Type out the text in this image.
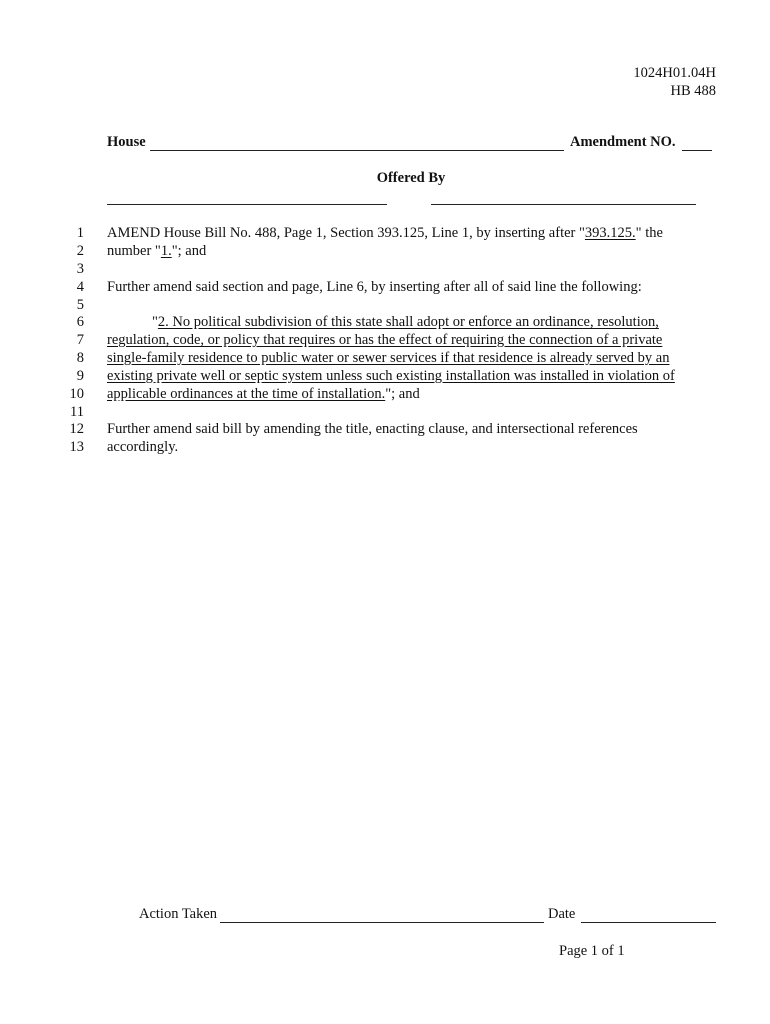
1024H01.04H
HB 488
House	Amendment NO.
Offered By
1 AMEND House Bill No. 488, Page 1, Section 393.125, Line 1, by inserting after "393.125." the
2 number "1."; and
3
4 Further amend said section and page, Line 6, by inserting after all of said line the following:
5
6	"2. No political subdivision of this state shall adopt or enforce an ordinance, resolution,
7 regulation, code, or policy that requires or has the effect of requiring the connection of a private
8 single-family residence to public water or sewer services if that residence is already served by an
9 existing private well or septic system unless such existing installation was installed in violation of
10 applicable ordinances at the time of installation."; and
11
12 Further amend said bill by amending the title, enacting clause, and intersectional references
13 accordingly.
Action Taken	Date
Page 1 of 1
